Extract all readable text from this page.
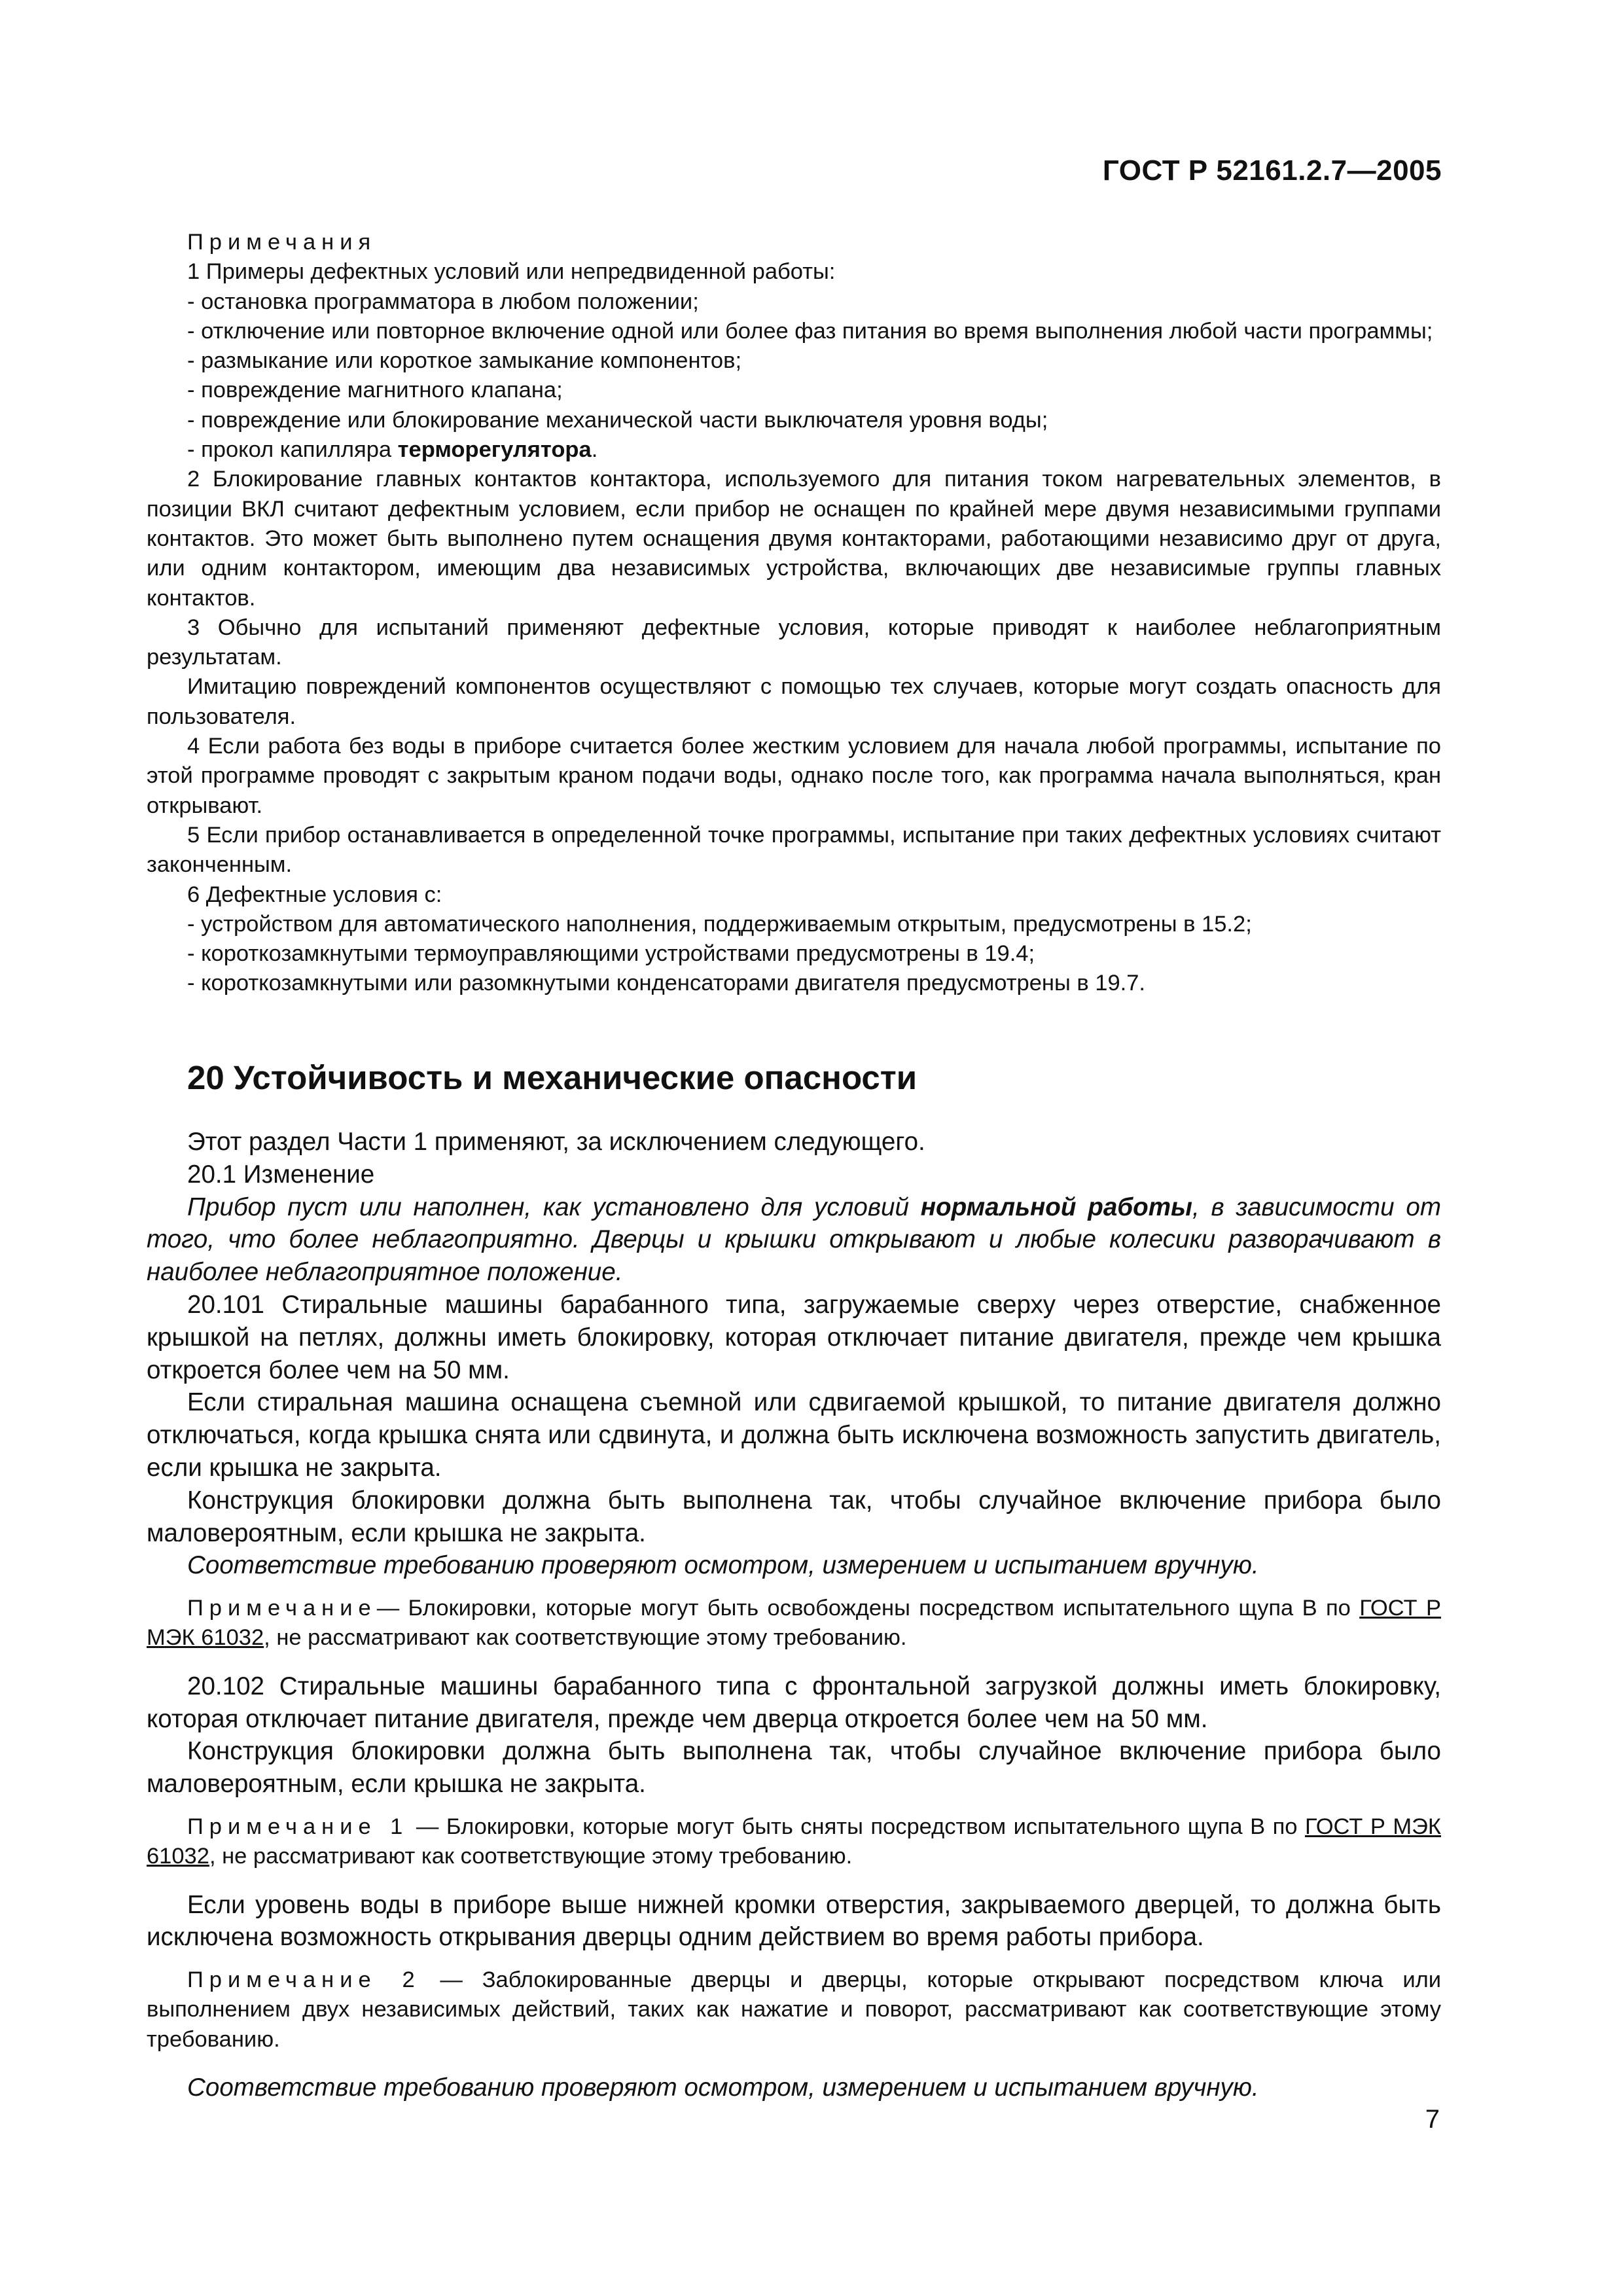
ГОСТ Р 52161.2.7—2005
Примечания
1 Примеры дефектных условий или непредвиденной работы:
- остановка программатора в любом положении;
- отключение или повторное включение одной или более фаз питания во время выполнения любой части программы;
- размыкание или короткое замыкание компонентов;
- повреждение магнитного клапана;
- повреждение или блокирование механической части выключателя уровня воды;
- прокол капилляра терморегулятора.
2 Блокирование главных контактов контактора, используемого для питания током нагревательных элементов, в позиции ВКЛ считают дефектным условием, если прибор не оснащен по крайней мере двумя независимыми группами контактов. Это может быть выполнено путем оснащения двумя контакторами, работающими независимо друг от друга, или одним контактором, имеющим два независимых устройства, включающих две независимые группы главных контактов.
3 Обычно для испытаний применяют дефектные условия, которые приводят к наиболее неблагоприятным результатам.
Имитацию повреждений компонентов осуществляют с помощью тех случаев, которые могут создать опасность для пользователя.
4 Если работа без воды в приборе считается более жестким условием для начала любой программы, испытание по этой программе проводят с закрытым краном подачи воды, однако после того, как программа начала выполняться, кран открывают.
5 Если прибор останавливается в определенной точке программы, испытание при таких дефектных условиях считают законченным.
6 Дефектные условия с:
- устройством для автоматического наполнения, поддерживаемым открытым, предусмотрены в 15.2;
- короткозамкнутыми термоуправляющими устройствами предусмотрены в 19.4;
- короткозамкнутыми или разомкнутыми конденсаторами двигателя предусмотрены в 19.7.
20 Устойчивость и механические опасности
Этот раздел Части 1 применяют, за исключением следующего.
20.1 Изменение
Прибор пуст или наполнен, как установлено для условий нормальной работы, в зависимости от того, что более неблагоприятно. Дверцы и крышки открывают и любые колесики разворачивают в наиболее неблагоприятное положение.
20.101 Стиральные машины барабанного типа, загружаемые сверху через отверстие, снабженное крышкой на петлях, должны иметь блокировку, которая отключает питание двигателя, прежде чем крышка откроется более чем на 50 мм.
Если стиральная машина оснащена съемной или сдвигаемой крышкой, то питание двигателя должно отключаться, когда крышка снята или сдвинута, и должна быть исключена возможность запустить двигатель, если крышка не закрыта.
Конструкция блокировки должна быть выполнена так, чтобы случайное включение прибора было маловероятным, если крышка не закрыта.
Соответствие требованию проверяют осмотром, измерением и испытанием вручную.
Примечание— Блокировки, которые могут быть освобождены посредством испытательного щупа В по ГОСТ Р МЭК 61032, не рассматривают как соответствующие этому требованию.
20.102 Стиральные машины барабанного типа с фронтальной загрузкой должны иметь блокировку, которая отключает питание двигателя, прежде чем дверца откроется более чем на 50 мм.
Конструкция блокировки должна быть выполнена так, чтобы случайное включение прибора было маловероятным, если крышка не закрыта.
Примечание 1 — Блокировки, которые могут быть сняты посредством испытательного щупа В по ГОСТ Р МЭК 61032, не рассматривают как соответствующие этому требованию.
Если уровень воды в приборе выше нижней кромки отверстия, закрываемого дверцей, то должна быть исключена возможность открывания дверцы одним действием во время работы прибора.
Примечание 2 — Заблокированные дверцы и дверцы, которые открывают посредством ключа или выполнением двух независимых действий, таких как нажатие и поворот, рассматривают как соответствующие этому требованию.
Соответствие требованию проверяют осмотром, измерением и испытанием вручную.
7
